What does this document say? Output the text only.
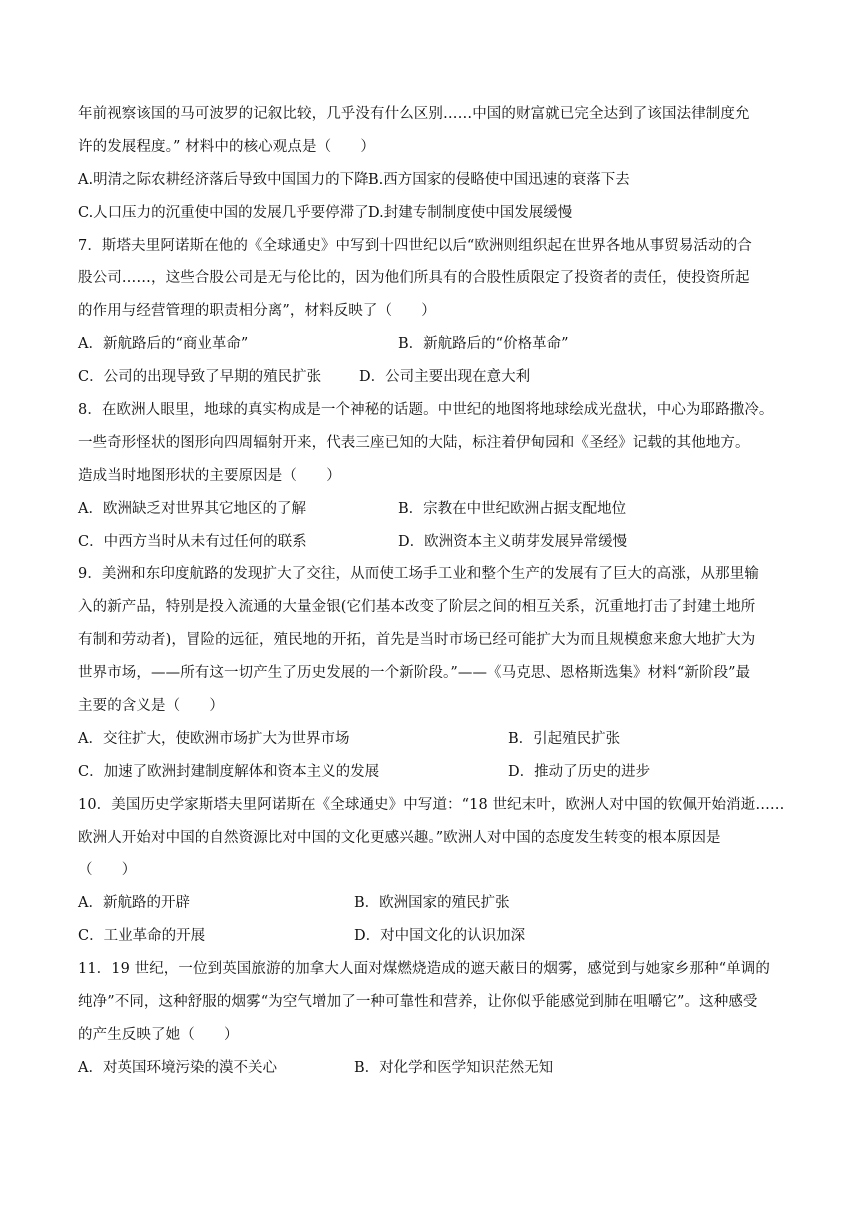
年前视察该国的马可波罗的记叙比较，几乎没有什么区别……中国的财富就已完全达到了该国法律制度允
许的发展程度。” 材料中的核心观点是（　　）
A.明清之际农耕经济落后导致中国国力的下降 B.西方国家的侵略使中国迅速的衰落下去
C.人口压力的沉重使中国的发展几乎要停滞了 D.封建专制制度使中国发展缓慢
7．斯塔夫里阿诺斯在他的《全球通史》中写到十四世纪以后“欧洲则组织起在世界各地从事贸易活动的合
股公司……，这些合股公司是无与伦比的，因为他们所具有的合股性质限定了投资者的责任，使投资所起
的作用与经营管理的职责相分离”，材料反映了（　　）
A．新航路后的“商业革命”	B．新航路后的“价格革命”
C．公司的出现导致了早期的殖民扩张	D．公司主要出现在意大利
8．在欧洲人眼里，地球的真实构成是一个神秘的话题。中世纪的地图将地球绘成光盘状，中心为耶路撒冷。
一些奇形怪状的图形向四周辐射开来，代表三座已知的大陆，标注着伊甸园和《圣经》记载的其他地方。
造成当时地图形状的主要原因是（　　）
A．欧洲缺乏对世界其它地区的了解	B．宗教在中世纪欧洲占据支配地位
C．中西方当时从未有过任何的联系	D．欧洲资本主义萌芽发展异常缓慢
9．美洲和东印度航路的发现扩大了交往，从而使工场手工业和整个生产的发展有了巨大的高涨，从那里输
入的新产品，特别是投入流通的大量金银(它们基本改变了阶层之间的相互关系，沉重地打击了封建土地所
有制和劳动者)，冒险的远征，殖民地的开拓，首先是当时市场已经可能扩大为而且规模愈来愈大地扩大为
世界市场，——所有这一切产生了历史发展的一个新阶段。”——《马克思、恩格斯选集》材料“新阶段”最
主要的含义是（　　）
A．交往扩大，使欧洲市场扩大为世界市场	B．引起殖民扩张
C．加速了欧洲封建制度解体和资本主义的发展	D．推动了历史的进步
10．美国历史学家斯塔夫里阿诺斯在《全球通史》中写道：“18 世纪末叶，欧洲人对中国的钦佩开始消逝……
欧洲人开始对中国的自然资源比对中国的文化更感兴趣。”欧洲人对中国的态度发生转变的根本原因是
（　　）
A．新航路的开辟	B．欧洲国家的殖民扩张
C．工业革命的开展	D．对中国文化的认识加深
11．19 世纪，一位到英国旅游的加拿大人面对煤燃烧造成的遮天蔽日的烟雾，感觉到与她家乡那种“单调的
纯净”不同，这种舒服的烟雾“为空气增加了一种可靠性和营养，让你似乎能感觉到肺在咀嚼它”。这种感受
的产生反映了她（　　）
A．对英国环境污染的漠不关心	B．对化学和医学知识茫然无知
